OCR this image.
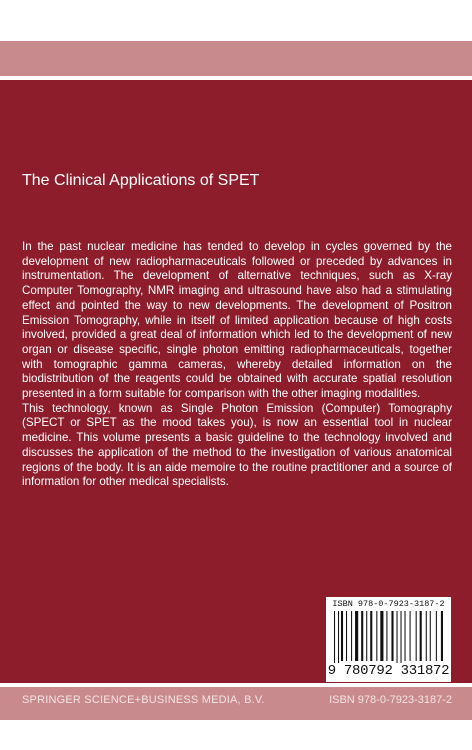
The Clinical Applications of SPET

In the past nuclear medicine has tended to develop in cycles governed by the development of new radiopharmaceuticals followed or preceded by advances in instrumentation. The development of alternative techniques, such as X-ray Computer Tomography, NMR imaging and ultrasound have also had a stimulating effect and pointed the way to new developments. The development of Positron Emission Tomography, while in itself of limited application because of high costs involved, provided a great deal of information which led to the development of new organ or disease specific, single photon emitting radiopharmaceuticals, together with tomographic gamma cameras, whereby detailed information on the biodistribution of the reagents could be obtained with accurate spatial resolution presented in a form suitable for comparison with the other imaging modalities.

This technology, known as Single Photon Emission (Computer) Tomography (SPECT or SPET as the mood takes you), is now an essential tool in nuclear medicine. This volume presents a basic guideline to the technology involved and discusses the application of the method to the investigation of various anatomical regions of the body. It is an aide memoire to the routine practitioner and a source of information for other medical specialists.

ISBN 978-0-7923-3187-2
9 780792 331872
SPRINGER SCIENCE+BUSINESS MEDIA, B.V.	ISBN 978-0-7923-3187-2
